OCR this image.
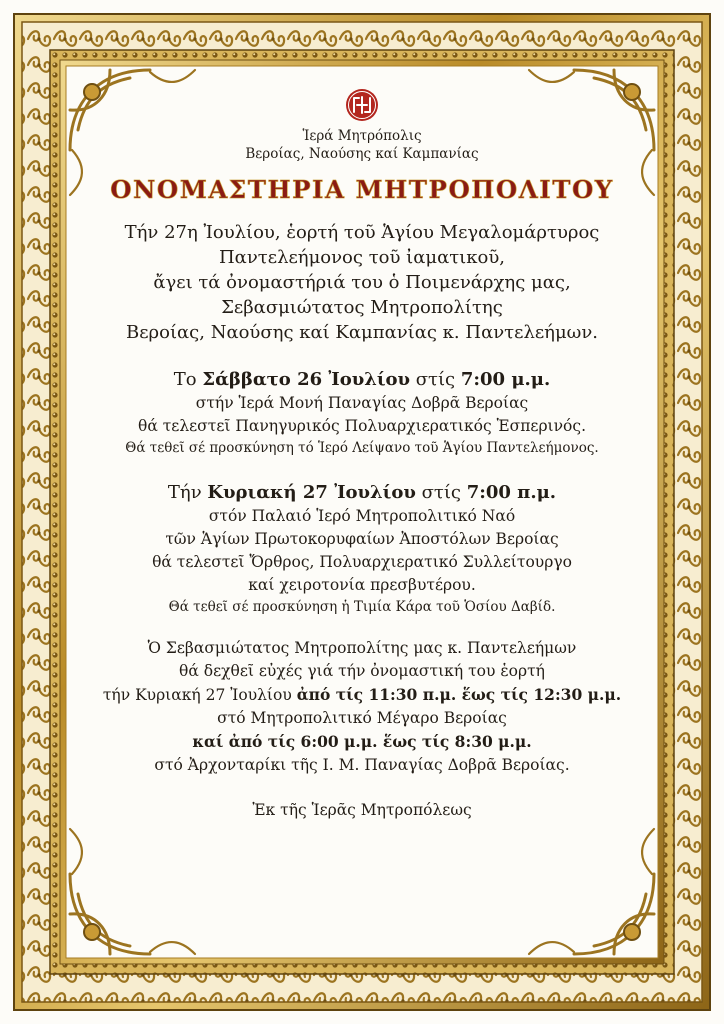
Ἱερά Μητρόπολις

Βεροίας, Ναούσης καί Καμπανίας

ΟΝΟΜΑΣΤΗΡΙΑ ΜΗΤΡΟΠΟΛΙΤΟΥ

Τήν 27η Ἰουλίου, ἑορτή τοῦ Ἁγίου Μεγαλομάρτυρος

Παντελεήμονος τοῦ ἰαματικοῦ,

ἄγει τά ὀνομαστήριά του ὁ Ποιμενάρχης μας,

Σεβασμιώτατος Μητροπολίτης

Βεροίας, Ναούσης καί Καμπανίας κ. Παντελεήμων.

Το Σάββατο 26 Ἰουλίου στίς 7:00 μ.μ.

στήν Ἱερά Μονή Παναγίας Δοβρᾶ Βεροίας

θά τελεστεῖ Πανηγυρικός Πολυαρχιερατικός Ἑσπερινός.

Θά τεθεῖ σέ προσκύνηση τό Ἱερό Λείψανο τοῦ Ἁγίου Παντελεήμονος.

Τήν Κυριακή 27 Ἰουλίου στίς 7:00 π.μ.

στόν Παλαιό Ἱερό Μητροπολιτικό Ναό

τῶν Ἁγίων Πρωτοκορυφαίων Ἀποστόλων Βεροίας

θά τελεστεῖ Ὄρθρος, Πολυαρχιερατικό Συλλείτουργο

καί χειροτονία πρεσβυτέρου.

Θά τεθεῖ σέ προσκύνηση ἡ Τιμία Κάρα τοῦ Ὁσίου Δαβίδ.

Ὁ Σεβασμιώτατος Μητροπολίτης μας κ. Παντελεήμων

θά δεχθεῖ εὐχές γιά τήν ὀνομαστική του ἑορτή

τήν Κυριακή 27 Ἰουλίου ἀπό τίς 11:30 π.μ. ἕως τίς 12:30 μ.μ.

στό Μητροπολιτικό Μέγαρο Βεροίας

καί ἀπό τίς 6:00 μ.μ. ἕως τίς 8:30 μ.μ.

στό Ἀρχονταρίκι τῆς Ι. Μ. Παναγίας Δοβρᾶ Βεροίας.

Ἐκ τῆς Ἱερᾶς Μητροπόλεως
